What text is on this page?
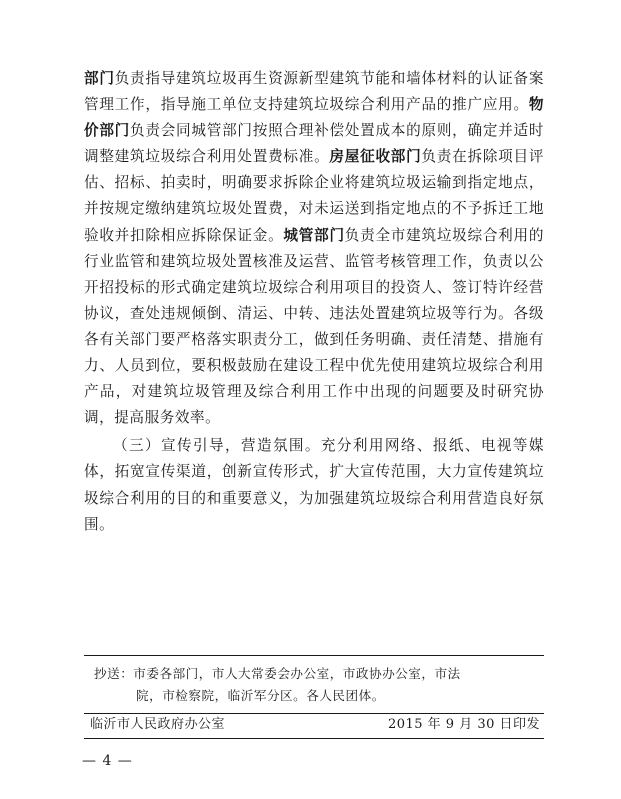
部门负责指导建筑垃圾再生资源新型建筑节能和墙体材料的认证备案管理工作，指导施工单位支持建筑垃圾综合利用产品的推广应用。物价部门负责会同城管部门按照合理补偿处置成本的原则，确定并适时调整建筑垃圾综合利用处置费标准。房屋征收部门负责在拆除项目评估、招标、拍卖时，明确要求拆除企业将建筑垃圾运输到指定地点，并按规定缴纳建筑垃圾处置费，对未运送到指定地点的不予拆迁工地验收并扣除相应拆除保证金。城管部门负责全市建筑垃圾综合利用的行业监管和建筑垃圾处置核准及运营、监管考核管理工作，负责以公开招投标的形式确定建筑垃圾综合利用项目的投资人、签订特许经营协议，查处违规倾倒、清运、中转、违法处置建筑垃圾等行为。各级各有关部门要严格落实职责分工，做到任务明确、责任清楚、措施有力、人员到位，要积极鼓励在建设工程中优先使用建筑垃圾综合利用产品，对建筑垃圾管理及综合利用工作中出现的问题要及时研究协调，提高服务效率。

（三）宣传引导，营造氛围。充分利用网络、报纸、电视等媒体，拓宽宣传渠道，创新宣传形式，扩大宣传范围，大力宣传建筑垃圾综合利用的目的和重要意义，为加强建筑垃圾综合利用营造良好氛围。

抄送：市委各部门，市人大常委会办公室，市政协办公室，市法
院，市检察院，临沂军分区。各人民团体。
临沂市人民政府办公室	2015 年 9 月 30 日印发
— 4 —
